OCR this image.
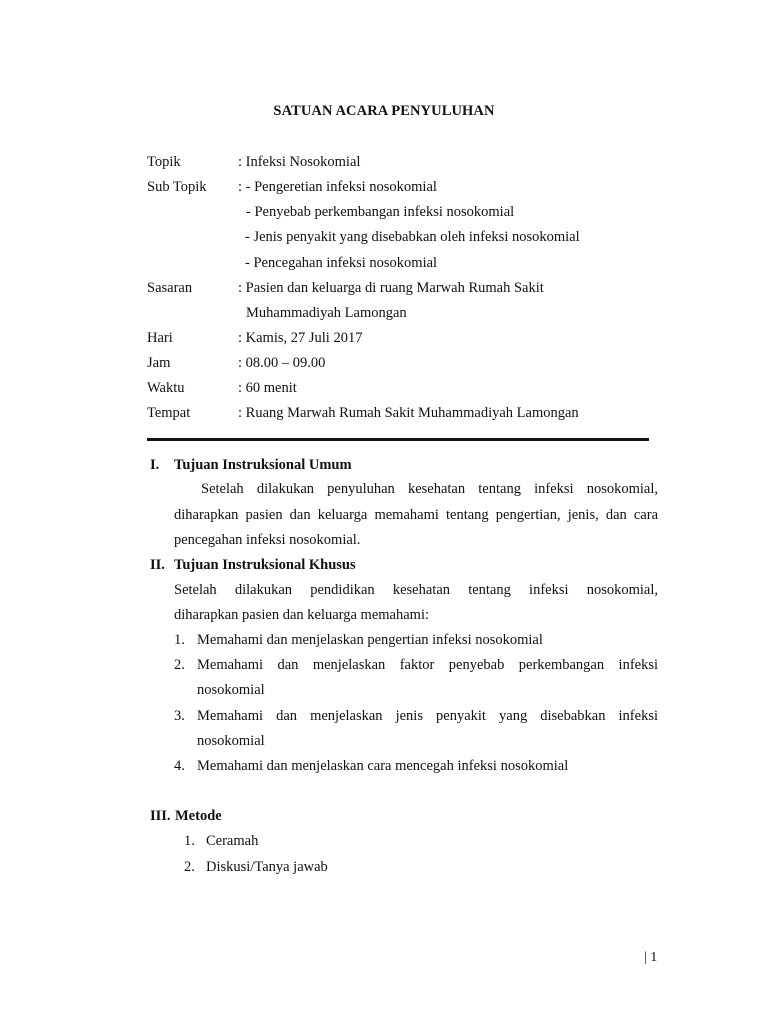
SATUAN ACARA PENYULUHAN
Topik	: Infeksi Nosokomial
Sub Topik : - Pengeretian infeksi nosokomial
- Penyebab perkembangan infeksi nosokomial
- Jenis penyakit yang disebabkan oleh infeksi nosokomial
- Pencegahan infeksi nosokomial
Sasaran	: Pasien dan keluarga di ruang Marwah Rumah Sakit
Muhammadiyah Lamongan
Hari	: Kamis, 27 Juli 2017
Jam	: 08.00 – 09.00
Waktu	: 60 menit
Tempat	: Ruang Marwah Rumah Sakit Muhammadiyah Lamongan
I. Tujuan Instruksional Umum
Setelah dilakukan penyuluhan kesehatan tentang infeksi nosokomial,
diharapkan pasien dan keluarga memahami tentang pengertian, jenis, dan cara
pencegahan infeksi nosokomial.
II. Tujuan Instruksional Khusus
Setelah dilakukan pendidikan kesehatan tentang infeksi nosokomial,
diharapkan pasien dan keluarga memahami:
1. Memahami dan menjelaskan pengertian infeksi nosokomial
2. Memahami dan menjelaskan faktor penyebab perkembangan infeksi
nosokomial
3. Memahami dan menjelaskan jenis penyakit yang disebabkan infeksi
nosokomial
4. Memahami dan menjelaskan cara mencegah infeksi nosokomial
III. Metode
1. Ceramah
2. Diskusi/Tanya jawab
| 1
